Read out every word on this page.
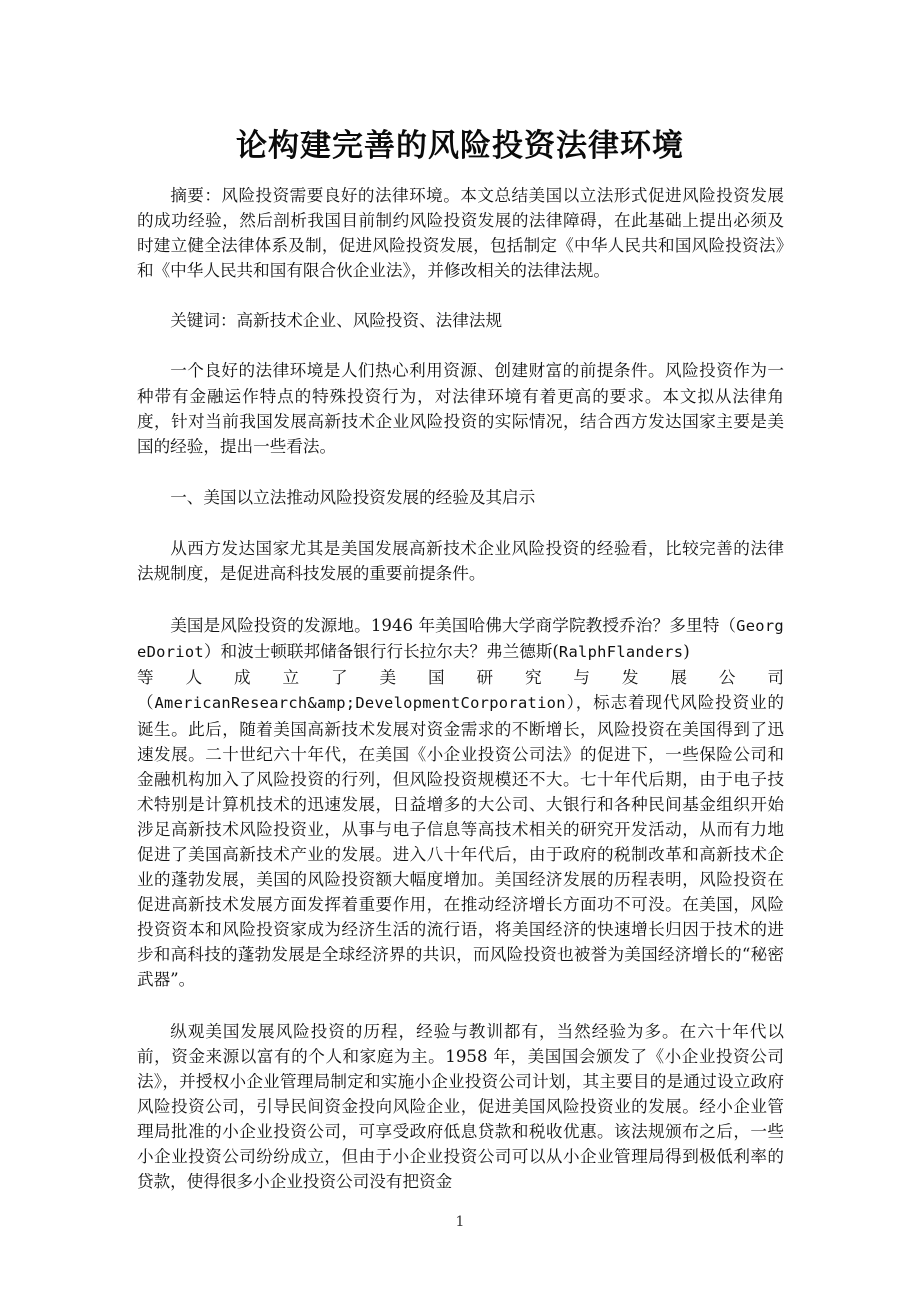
论构建完善的风险投资法律环境

摘要：风险投资需要良好的法律环境。本文总结美国以立法形式促进风险投资发展的成功经验，然后剖析我国目前制约风险投资发展的法律障碍，在此基础上提出必须及时建立健全法律体系及制，促进风险投资发展，包括制定《中华人民共和国风险投资法》和《中华人民共和国有限合伙企业法》，并修改相关的法律法规。

关键词：高新技术企业、风险投资、法律法规

一个良好的法律环境是人们热心利用资源、创建财富的前提条件。风险投资作为一种带有金融运作特点的特殊投资行为，对法律环境有着更高的要求。本文拟从法律角度，针对当前我国发展高新技术企业风险投资的实际情况，结合西方发达国家主要是美国的经验，提出一些看法。

一、美国以立法推动风险投资发展的经验及其启示

从西方发达国家尤其是美国发展高新技术企业风险投资的经验看，比较完善的法律法规制度，是促进高科技发展的重要前提条件。

美国是风险投资的发源地。1946 年美国哈佛大学商学院教授乔治？多里特（GeorgeDoriot）和波士顿联邦储备银行行长拉尔夫？弗兰德斯(RalphFlanders)

等人成立了美国研究与发展公司

（AmericanResearch&amp;DevelopmentCorporation），标志着现代风险投资业的诞生。此后，随着美国高新技术发展对资金需求的不断增长，风险投资在美国得到了迅速发展。二十世纪六十年代，在美国《小企业投资公司法》的促进下，一些保险公司和金融机构加入了风险投资的行列，但风险投资规模还不大。七十年代后期，由于电子技术特别是计算机技术的迅速发展，日益增多的大公司、大银行和各种民间基金组织开始涉足高新技术风险投资业，从事与电子信息等高技术相关的研究开发活动，从而有力地促进了美国高新技术产业的发展。进入八十年代后，由于政府的税制改革和高新技术企业的蓬勃发展，美国的风险投资额大幅度增加。美国经济发展的历程表明，风险投资在促进高新技术发展方面发挥着重要作用，在推动经济增长方面功不可没。在美国，风险投资资本和风险投资家成为经济生活的流行语，将美国经济的快速增长归因于技术的进步和高科技的蓬勃发展是全球经济界的共识，而风险投资也被誉为美国经济增长的“秘密武器”。

纵观美国发展风险投资的历程，经验与教训都有，当然经验为多。在六十年代以前，资金来源以富有的个人和家庭为主。1958 年，美国国会颁发了《小企业投资公司法》，并授权小企业管理局制定和实施小企业投资公司计划，其主要目的是通过设立政府风险投资公司，引导民间资金投向风险企业，促进美国风险投资业的发展。经小企业管理局批准的小企业投资公司，可享受政府低息贷款和税收优惠。该法规颁布之后，一些小企业投资公司纷纷成立，但由于小企业投资公司可以从小企业管理局得到极低利率的贷款，使得很多小企业投资公司没有把资金

1
